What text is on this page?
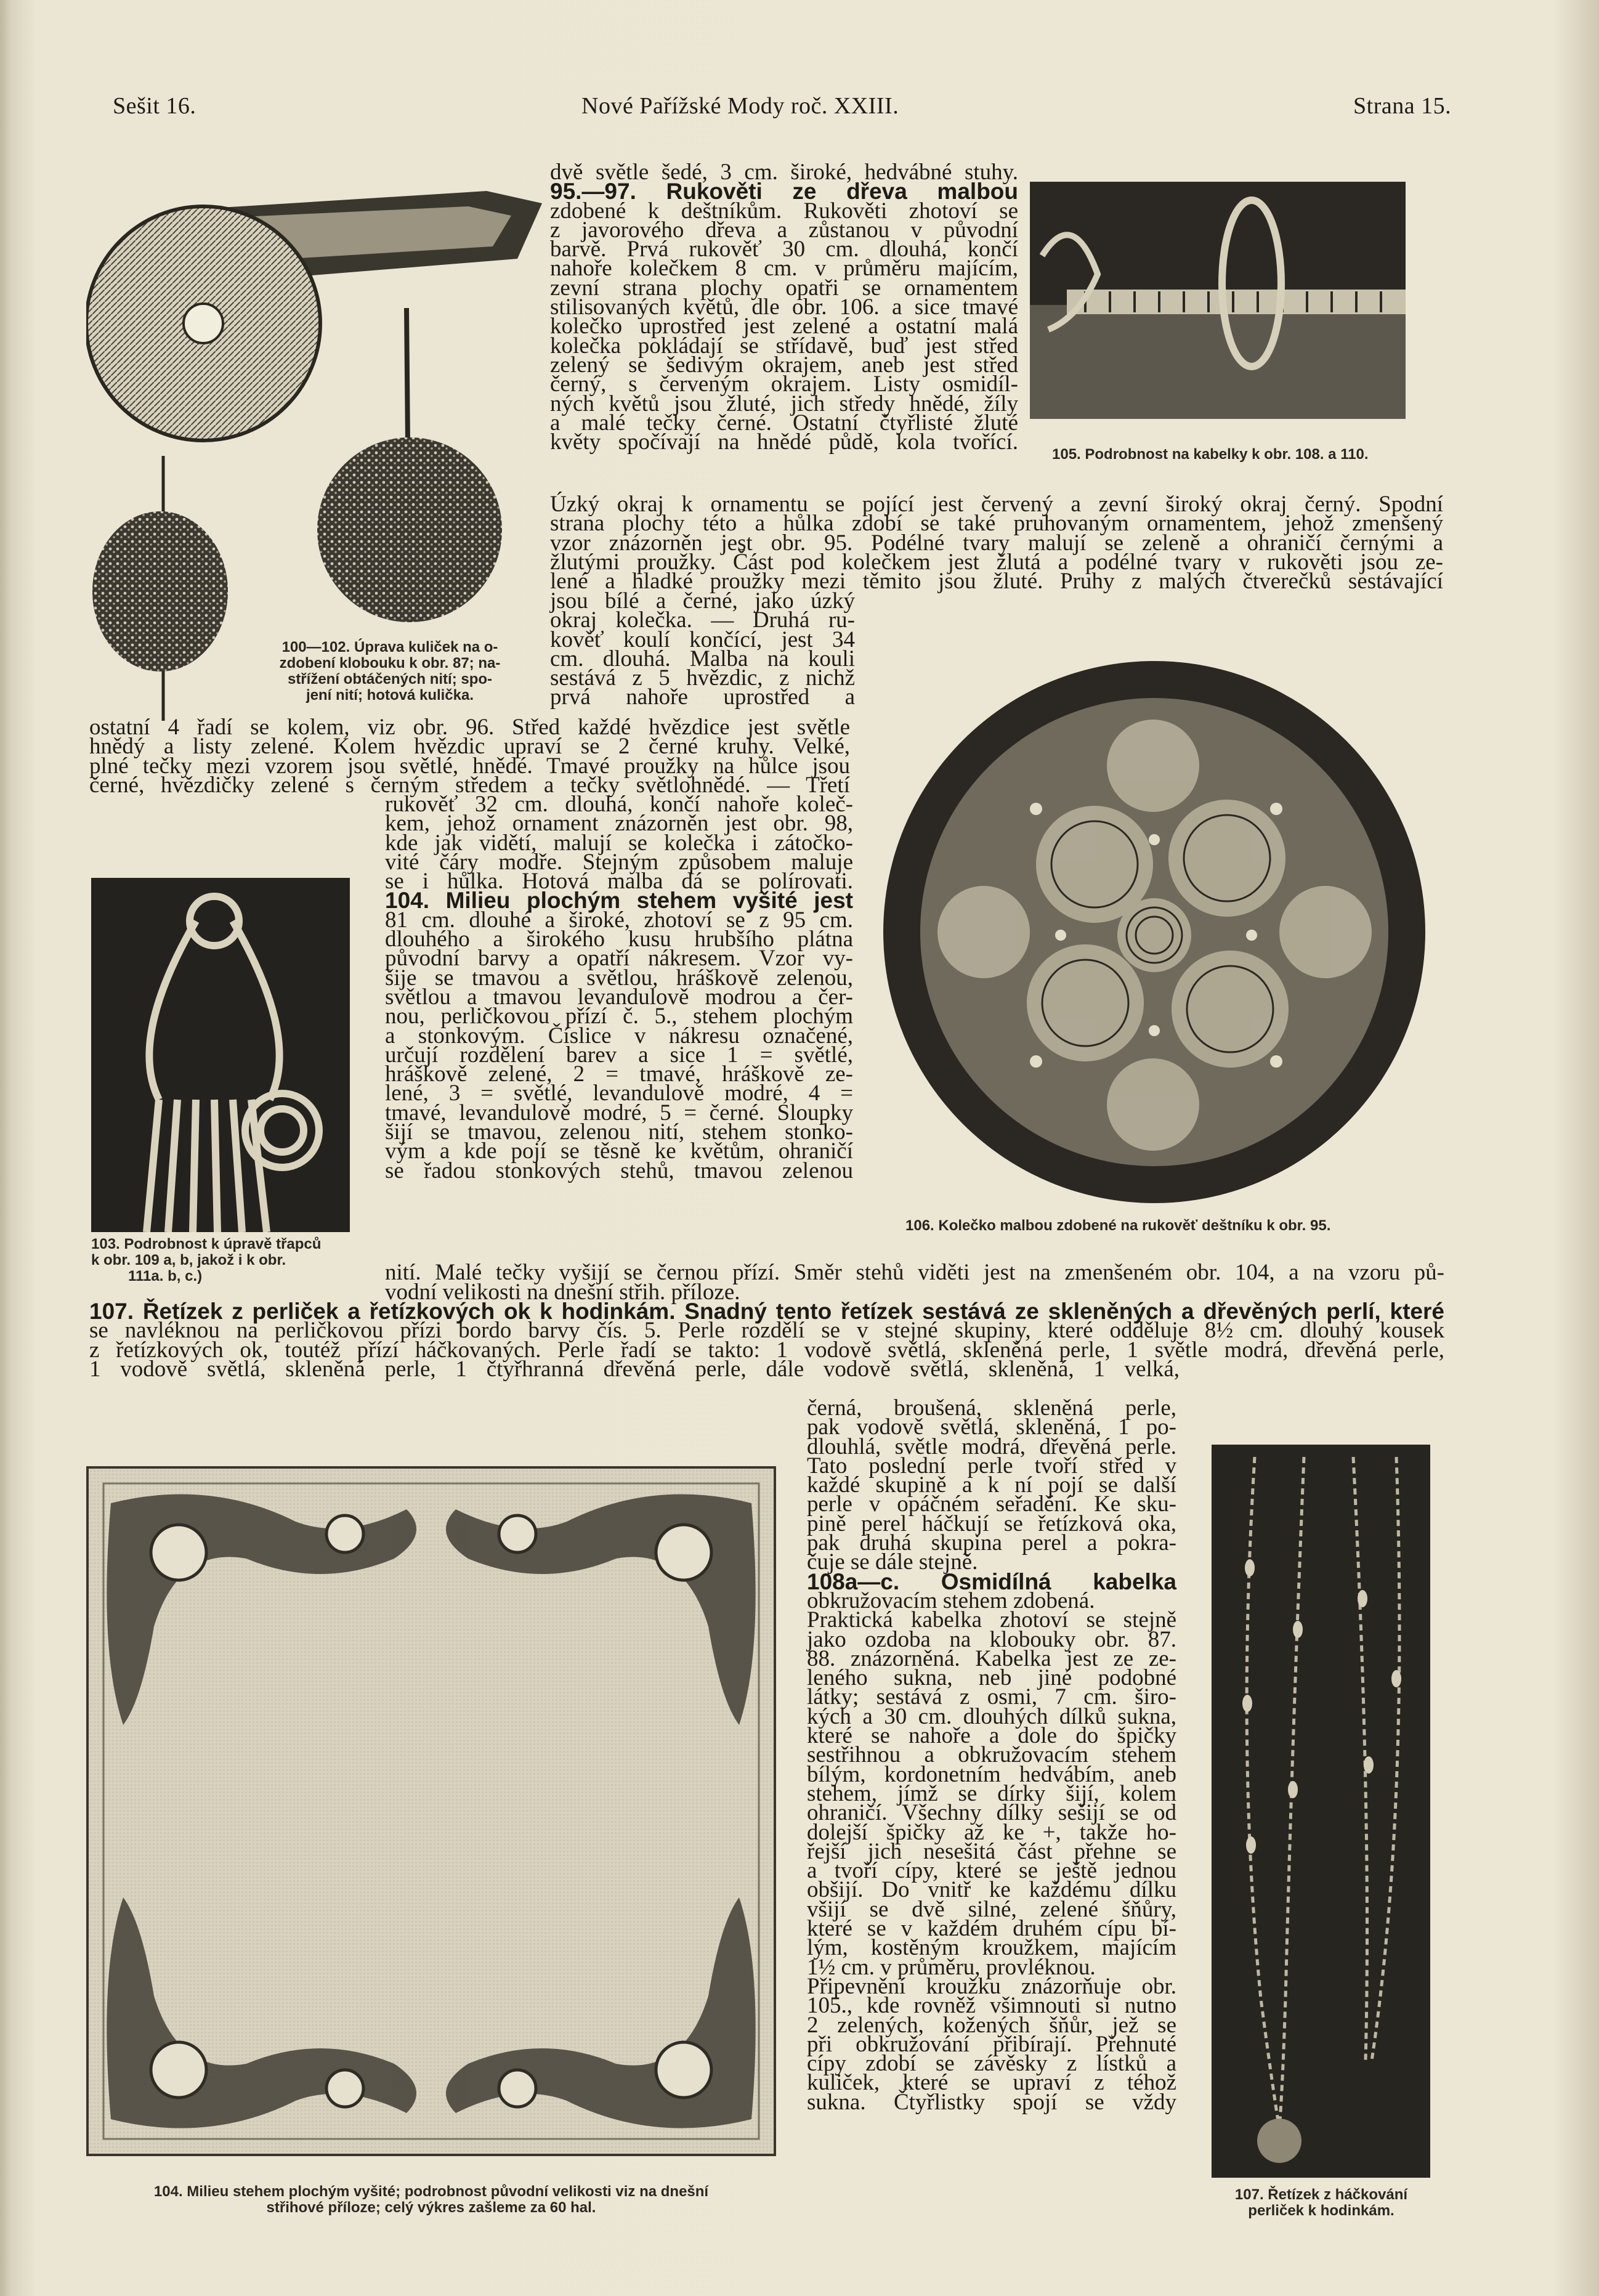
Sešit 16.	Nové Pařížské Mody roč. XXIII.	Strana 15.
100—102. Úprava kuliček na o-
zdobení klobouku k obr. 87; na-
střížení obtáčených nití; spo-
jení nití; hotová kulička.
dvě světle šedé, 3 cm. široké, hedvábné stuhy.
95.—97. Rukověti ze dřeva malbou
zdobené k deštníkům. Rukověti zhotoví se
z javorového dřeva a zůstanou v původní
barvě. Prvá rukověť 30 cm. dlouhá, končí
nahoře kolečkem 8 cm. v průměru majícím,
zevní strana plochy opatři se ornamentem
stilisovaných květů, dle obr. 106. a sice tmavé
kolečko uprostřed jest zelené a ostatní malá
kolečka pokládají se střídavě, buď jest střed
zelený se šedivým okrajem, aneb jest střed
černý, s červeným okrajem. Listy osmidíl-
ných květů jsou žluté, jich středy hnědé, žíly
a malé tečky černé. Ostatní čtyřlisté žluté
květy spočívají na hnědé půdě, kola tvořící. 105. Podrobnost na kabelky k obr. 108. a 110.
Úzký okraj k ornamentu se pojící jest červený a zevní široký okraj černý. Spodní
strana plochy této a hůlka zdobí se také pruhovaným ornamentem, jehož zmenšený
vzor znázorněn jest obr. 95. Podélné tvary malují se zeleně a ohraničí černými a
žlutými proužky. Část pod kolečkem jest žlutá a podélné tvary v rukověti jsou ze-
lené a hladké proužky mezi těmito jsou žluté. Pruhy z malých čtverečků sestávající
jsou bílé a černé, jako úzký
okraj kolečka. — Druhá ru-
kověť koulí končící, jest 34
cm. dlouhá. Malba na kouli
sestává z 5 hvězdic, z nichž
prvá nahoře uprostřed a
ostatní 4 řadí se kolem, viz obr. 96. Střed každé hvězdice jest světle
hnědý a listy zelené. Kolem hvězdic upraví se 2 černé kruhy. Velké,
plné tečky mezi vzorem jsou světlé, hnědé. Tmavé proužky na hůlce jsou
černé, hvězdičky zelené s černým středem a tečky světlohnědé. — Třetí
103. Podrobnost k úpravě třapců
k obr. 109 a, b, jakož i k obr.
111a. b, c.)
rukověť 32 cm. dlouhá, končí nahoře koleč-
kem, jehož ornament znázorněn jest obr. 98,
kde jak vidětí, malují se kolečka i zátočko-
vité čáry modře. Stejným způsobem maluje
se i hůlka. Hotová malba dá se polírovati.
104. Milieu plochým stehem vyšité jest
81 cm. dlouhé a široké, zhotoví se z 95 cm.
dlouhého a širokého kusu hrubšího plátna
původní barvy a opatří nákresem. Vzor vy-
šije se tmavou a světlou, hráškově zelenou,
světlou a tmavou levandulově modrou a čer-
nou, perličkovou přízí č. 5., stehem plochým
a stonkovým. Číslice v nákresu označené,
určují rozdělení barev a sice 1 = světlé,
hráškově zelené, 2 = tmavé, hráškově ze-
lené, 3 = světlé, levandulově modré, 4 =
tmavé, levandulově modré, 5 = černé. Sloupky
šijí se tmavou, zelenou nití, stehem stonko-
vým a kde pojí se těsně ke květům, ohraničí
se řadou stonkových stehů, tmavou zelenou
106. Kolečko malbou zdobené na rukověť deštníku k obr. 95.
nití. Malé tečky vyšijí se černou přízí. Směr stehů viděti jest na zmenšeném obr. 104, a na vzoru pů-
vodní velikosti na dnešní střih. příloze.
107. Řetízek z perliček a řetízkových ok k hodinkám. Snadný tento řetízek sestává ze skleněných a dřevěných perlí, které
se navléknou na perličkovou přízi bordo barvy čís. 5. Perle rozdělí se v stejné skupiny, které odděluje 8½ cm. dlouhý kousek
z řetízkových ok, toutéž přízí háčkovaných. Perle řadí se takto: 1 vodově světlá, skleněná perle, 1 světle modrá, dřevěná perle,
1 vodově světlá, skleněná perle, 1 čtyřhranná dřevěná perle, dále vodově světlá, skleněná, 1 velká,
104. Milieu stehem plochým vyšité; podrobnost původní velikosti viz na dnešní
střihové příloze; celý výkres zašleme za 60 hal.
černá, broušená, skleněná perle,
pak vodově světlá, skleněná, 1 po-
dlouhlá, světle modrá, dřevěná perle.
Tato poslední perle tvoří střed v
každé skupině a k ní pojí se další
perle v opáčném seřadění. Ke sku-
pině perel háčkují se řetízková oka,
pak druhá skupina perel a pokra-
čuje se dále stejně.
108a—c. Osmidílná kabelka
obkružovacím stehem zdobená.
Praktická kabelka zhotoví se stejně
jako ozdoba na klobouky obr. 87.
88. znázorněná. Kabelka jest ze ze-
leného sukna, neb jiné podobné
látky; sestává z osmi, 7 cm. širo-
kých a 30 cm. dlouhých dílků sukna,
které se nahoře a dole do špičky
sestřihnou a obkružovacím stehem
bílým, kordonetním hedvábím, aneb
stehem, jímž se dírky šijí, kolem
ohraničí. Všechny dílky sešijí se od
dolejší špičky až ke +, takže ho-
řejší jich nesešitá část přehne se
a tvoří cípy, které se ještě jednou
obšijí. Do vnitř ke každému dílku
všijí se dvě silné, zelené šňůry,
které se v každém druhém cípu bí-
lým, kostěným kroužkem, majícím
1½ cm. v průměru, provléknou.
Připevnění kroužku znázorňuje obr.
105., kde rovněž všimnouti si nutno
2 zelených, kožených šňůr, jež se
při obkružování přibírají. Přehnuté
cípy zdobí se závěsky z lístků a
kuliček, které se upraví z téhož
sukna. Čtyřlistky spojí se vždy
107. Řetízek z háčkování
perliček k hodinkám.
